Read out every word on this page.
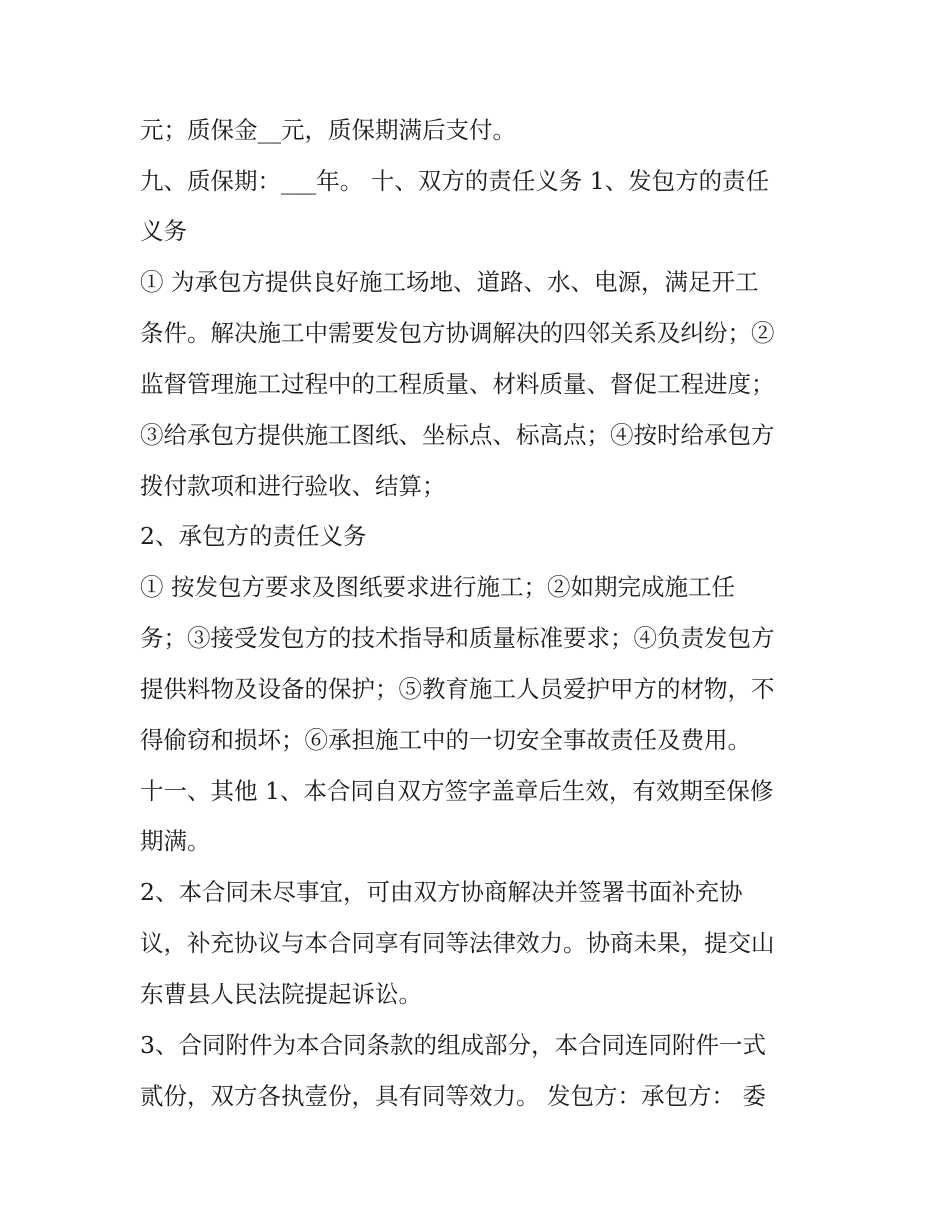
元；质保金__元，质保期满后支付。
九、质保期：___年。 十、双方的责任义务 1、发包方的责任
义务
① 为承包方提供良好施工场地、道路、水、电源，满足开工
条件。解决施工中需要发包方协调解决的四邻关系及纠纷；②
监督管理施工过程中的工程质量、材料质量、督促工程进度；
③给承包方提供施工图纸、坐标点、标高点；④按时给承包方
拨付款项和进行验收、结算；
2、承包方的责任义务
① 按发包方要求及图纸要求进行施工；②如期完成施工任
务；③接受发包方的技术指导和质量标准要求；④负责发包方
提供料物及设备的保护；⑤教育施工人员爱护甲方的材物，不
得偷窃和损坏；⑥承担施工中的一切安全事故责任及费用。
十一、其他 1、本合同自双方签字盖章后生效，有效期至保修
期满。
2、本合同未尽事宜，可由双方协商解决并签署书面补充协
议，补充协议与本合同享有同等法律效力。协商未果，提交山
东曹县人民法院提起诉讼。
3、合同附件为本合同条款的组成部分，本合同连同附件一式
贰份，双方各执壹份，具有同等效力。 发包方：承包方： 委
